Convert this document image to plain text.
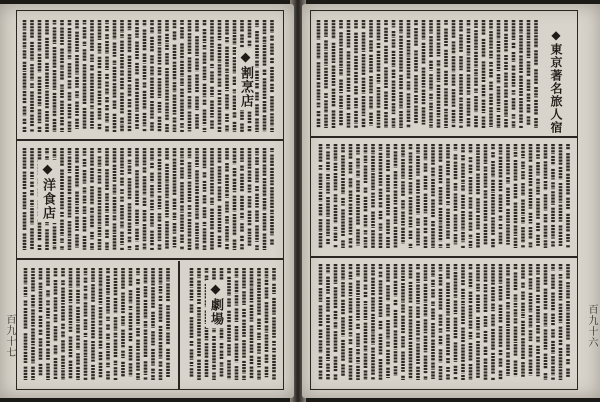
◆割烹店
◆洋食店
◆劇場
百九十七
◆東京著名旅人宿
百九十六
